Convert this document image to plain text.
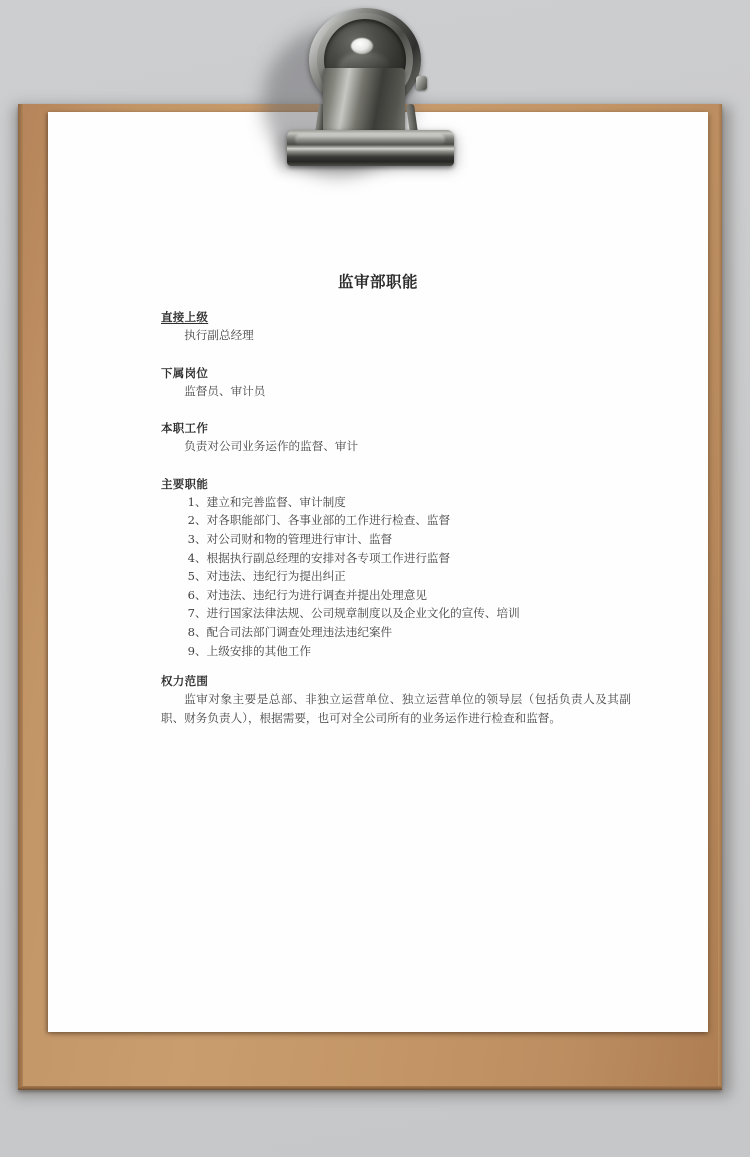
监审部职能
直接上级
执行副总经理
下属岗位
监督员、审计员
本职工作
负责对公司业务运作的监督、审计
主要职能
1、建立和完善监督、审计制度
2、对各职能部门、各事业部的工作进行检查、监督
3、对公司财和物的管理进行审计、监督
4、根据执行副总经理的安排对各专项工作进行监督
5、对违法、违纪行为提出纠正
6、对违法、违纪行为进行调查并提出处理意见
7、进行国家法律法规、公司规章制度以及企业文化的宣传、培训
8、配合司法部门调查处理违法违纪案件
9、上级安排的其他工作
权力范围
监审对象主要是总部、非独立运营单位、独立运营单位的领导层（包括负责人及其副职、财务负责人），根据需要，也可对全公司所有的业务运作进行检查和监督。
